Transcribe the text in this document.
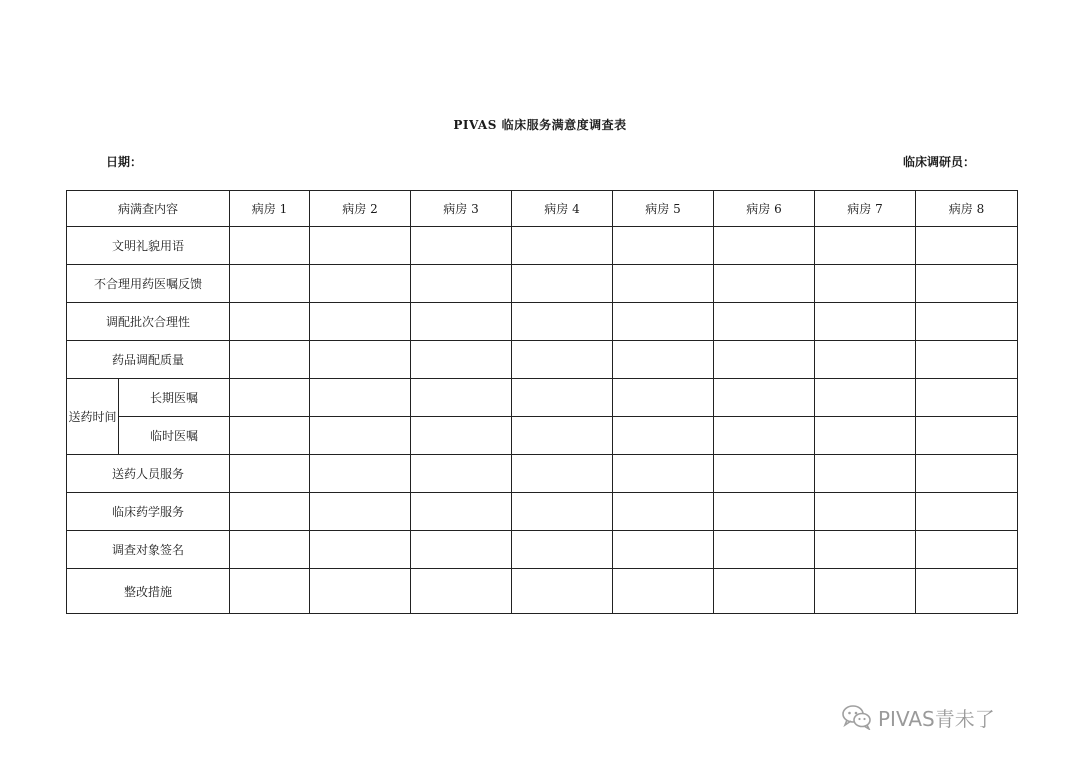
PIVAS 临床服务满意度调查表
日期：	临床调研员：
病满查内容		病房 1	病房 2	病房 3	病房 4	病房 5	病房 6	病房 7	病房 8
文明礼貌用语									
不合理用药医嘱反馈									
调配批次合理性									
药品调配质量									
送药时间	长期医嘱								
	临时医嘱								
送药人员服务									
临床药学服务									
调查对象签名									
整改措施									
PIVAS青未了
